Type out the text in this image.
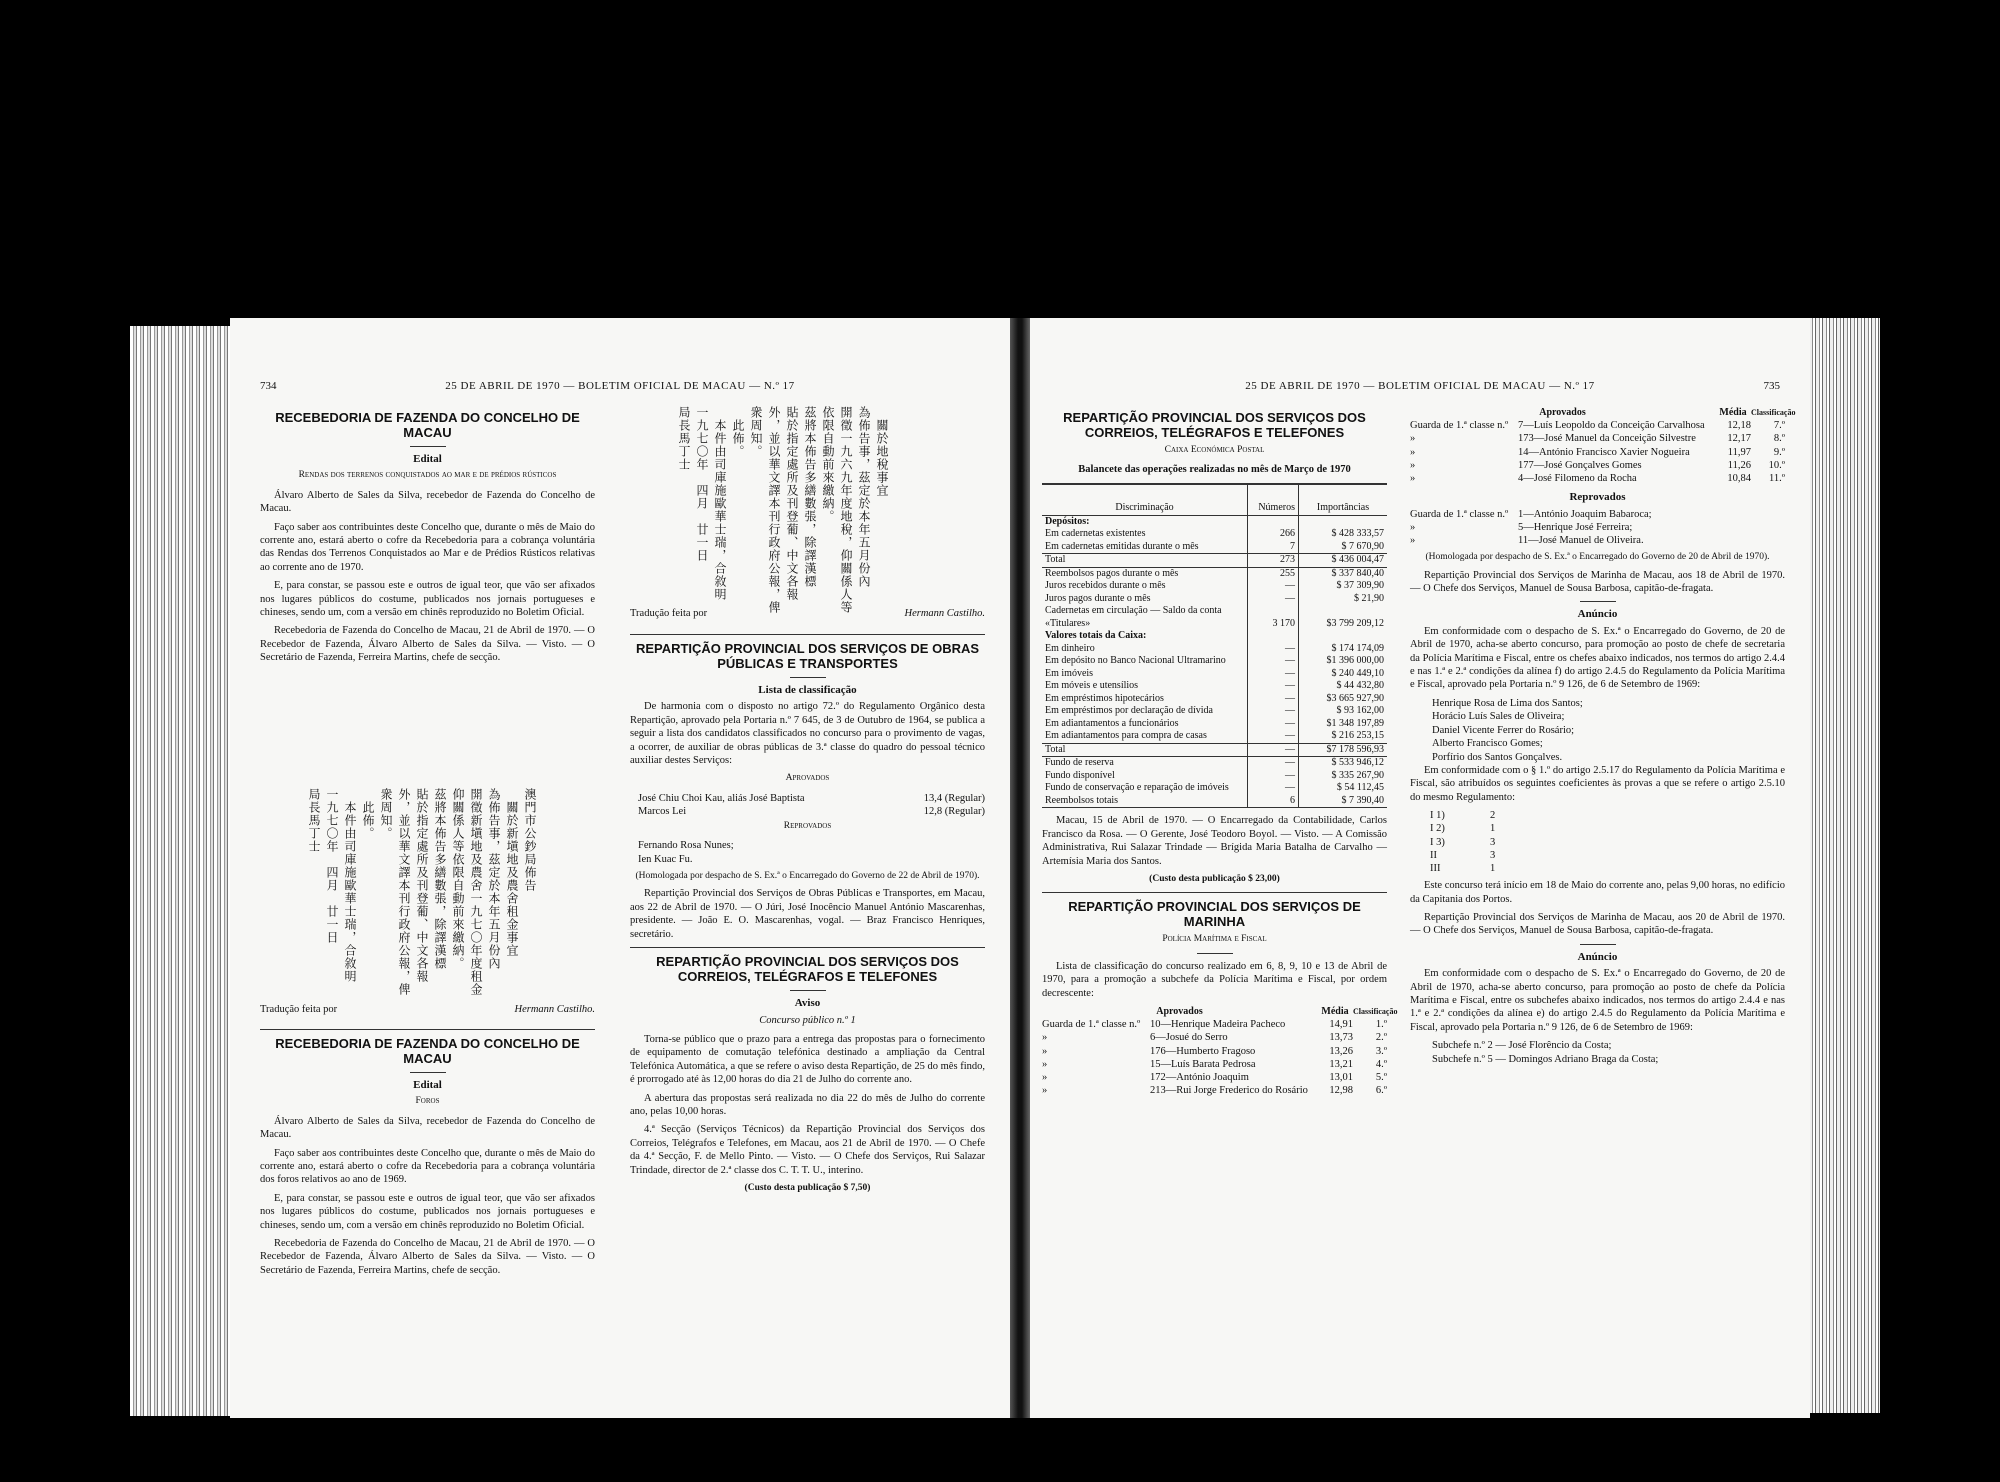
25 DE ABRIL DE 1970 — BOLETIM OFICIAL DE MACAU — N.º 17
734
RECEBEDORIA DE FAZENDA DO CONCELHO DE MACAU
Edital
Rendas dos terrenos conquistados ao mar e de prédios rústicos

Álvaro Alberto de Sales da Silva, recebedor de Fazenda do Concelho de Macau.

Faço saber aos contribuintes deste Concelho que, durante o mês de Maio do corrente ano, estará aberto o cofre da Recebedoria para a cobrança voluntária das Rendas dos Terrenos Conquistados ao Mar e de Prédios Rústicos relativas ao corrente ano de 1970.

E, para constar, se passou este e outros de igual teor, que vão ser afixados nos lugares públicos do costume, publicados nos jornais portugueses e chineses, sendo um, com a versão em chinês reproduzido no Boletim Oficial.

Recebedoria de Fazenda do Concelho de Macau, 21 de Abril de 1970. — O Recebedor de Fazenda, Álvaro Alberto de Sales da Silva. — Visto. — O Secretário de Fazenda, Ferreira Martins, chefe de secção.

澳門市公鈔局佈告
　關於新塡地及農舍租金事宜
為佈告事，茲定於本年五月份內
開徵新塡地及農舍一九七〇年度租金
仰關係人等依限自動前來繳納。
茲將本佈告多繕數張，除譯漢標
貼於指定處所及刊登葡、中文各報
外，並以華文譯本刊行政府公報，俾
衆周知。
　此佈。
　本件由司庫施歐華士瑞，合敘明
一九七〇年　四月　廿一日
局長馬丁士
Tradução feita por	Hermann Castilho.
RECEBEDORIA DE FAZENDA DO CONCELHO DE MACAU
Edital
Foros

Álvaro Alberto de Sales da Silva, recebedor de Fazenda do Concelho de Macau.

Faço saber aos contribuintes deste Concelho que, durante o mês de Maio do corrente ano, estará aberto o cofre da Recebedoria para a cobrança voluntária dos foros relativos ao ano de 1969.

E, para constar, se passou este e outros de igual teor, que vão ser afixados nos lugares públicos do costume, publicados nos jornais portugueses e chineses, sendo um, com a versão em chinês reproduzido no Boletim Oficial.

Recebedoria de Fazenda do Concelho de Macau, 21 de Abril de 1970. — O Recebedor de Fazenda, Álvaro Alberto de Sales da Silva. — Visto. — O Secretário de Fazenda, Ferreira Martins, chefe de secção.

　關於地稅事宜
為佈告事，茲定於本年五月份內
開徵一九六九年度地稅，仰關係人等
依限自動前來繳納。
茲將本佈告多繕數張，除譯漢標
貼於指定處所及刊登葡、中文各報
外，並以華文譯本刊行政府公報，俾
衆周知。
　此佈。
　本件由司庫施歐華士瑞，合敘明
一九七〇年　四月　廿一日
局長馬丁士
Tradução feita por	Hermann Castilho.
REPARTIÇÃO PROVINCIAL DOS SERVIÇOS DE OBRAS PÚBLICAS E TRANSPORTES
Lista de classificação

De harmonia com o disposto no artigo 72.º do Regulamento Orgânico desta Repartição, aprovado pela Portaria n.º 7 645, de 3 de Outubro de 1964, se publica a seguir a lista dos candidatos classificados no concurso para o provimento de vagas, a ocorrer, de auxiliar de obras públicas de 3.ª classe do quadro do pessoal técnico auxiliar destes Serviços:

Aprovados
José Chiu Choi Kau, aliás José Baptista	13,4 (Regular)
Marcos Lei	12,8 (Regular)
Reprovados
Fernando Rosa Nunes;
Ien Kuac Fu.
(Homologada por despacho de S. Ex.ª o Encarregado do Governo de 22 de Abril de 1970).

Repartição Provincial dos Serviços de Obras Públicas e Transportes, em Macau, aos 22 de Abril de 1970. — O Júri, José Inocêncio Manuel António Mascarenhas, presidente. — João E. O. Mascarenhas, vogal. — Braz Francisco Henriques, secretário.

REPARTIÇÃO PROVINCIAL DOS SERVIÇOS DOS CORREIOS, TELÉGRAFOS E TELEFONES
Aviso
Concurso público n.º 1

Torna-se público que o prazo para a entrega das propostas para o fornecimento de equipamento de comutação telefónica destinado a ampliação da Central Telefónica Automática, a que se refere o aviso desta Repartição, de 25 do mês findo, é prorrogado até às 12,00 horas do dia 21 de Julho do corrente ano.

A abertura das propostas será realizada no dia 22 do mês de Julho do corrente ano, pelas 10,00 horas.

4.ª Secção (Serviços Técnicos) da Repartição Provincial dos Serviços dos Correios, Telégrafos e Telefones, em Macau, aos 21 de Abril de 1970. — O Chefe da 4.ª Secção, F. de Mello Pinto. — Visto. — O Chefe dos Serviços, Rui Salazar Trindade, director de 2.ª classe dos C. T. T. U., interino.

(Custo desta publicação $ 7,50)
25 DE ABRIL DE 1970 — BOLETIM OFICIAL DE MACAU — N.º 17	735
REPARTIÇÃO PROVINCIAL DOS SERVIÇOS DOS CORREIOS, TELÉGRAFOS E TELEFONES
Caixa Económica Postal
Balancete das operações realizadas no mês de Março de 1970
Discriminação	Números	Importâncias
Depósitos:		
Em cadernetas existentes	266	$ 428 333,57
Em cadernetas emitidas durante o mês	7	$ 7 670,90
Total	273	$ 436 004,47
Reembolsos pagos durante o mês	255	$ 337 840,40
Juros recebidos durante o mês	—	$ 37 309,90
Juros pagos durante o mês	—	$ 21,90
Cadernetas em circulação — Saldo da conta «Titulares»	3 170	$3 799 209,12
Valores totais da Caixa:		
Em dinheiro	—	$ 174 174,09
Em depósito no Banco Nacional Ultramarino	—	$1 396 000,00
Em imóveis	—	$ 240 449,10
Em móveis e utensílios	—	$ 44 432,80
Em empréstimos hipotecários	—	$3 665 927,90
Em empréstimos por declaração de dívida	—	$ 93 162,00
Em adiantamentos a funcionários	—	$1 348 197,89
Em adiantamentos para compra de casas	—	$ 216 253,15
Total	—	$7 178 596,93
Fundo de reserva	—	$ 533 946,12
Fundo disponível	—	$ 335 267,90
Fundo de conservação e reparação de imóveis	—	$ 54 112,45
Reembolsos totais	6	$ 7 390,40

Macau, 15 de Abril de 1970. — O Encarregado da Contabilidade, Carlos Francisco da Rosa. — O Gerente, José Teodoro Boyol. — Visto. — A Comissão Administrativa, Rui Salazar Trindade — Brígida Maria Batalha de Carvalho — Artemísia Maria dos Santos.

(Custo desta publicação $ 23,00)
REPARTIÇÃO PROVINCIAL DOS SERVIÇOS DE MARINHA
Polícia Marítima e Fiscal

Lista de classificação do concurso realizado em 6, 8, 9, 10 e 13 de Abril de 1970, para a promoção a subchefe da Polícia Marítima e Fiscal, por ordem decrescente:

Aprovados	Média Classificação
Guarda de 1.ª classe n.º 10—Henrique Madeira Pacheco	14,91	1.º
»	6—Josué do Serro	13,73	2.º
»	176—Humberto Fragoso	13,26	3.º
»	15—Luís Barata Pedrosa	13,21	4.º
»	172—António Joaquim	13,01	5.º
»	213—Rui Jorge Frederico do Rosário	12,98	6.º
Aprovados	Média Classificação
Guarda de 1.ª classe n.º 7—Luís Leopoldo da Conceição Carvalhosa	12,18	7.º
»	173—José Manuel da Conceição Silvestre	12,17	8.º
»	14—António Francisco Xavier Nogueira	11,97	9.º
»	177—José Gonçalves Gomes	11,26	10.º
»	4—José Filomeno da Rocha	10,84	11.º
Reprovados
Guarda de 1.ª classe n.º 1—António Joaquim Babaroca;
»	5—Henrique José Ferreira;
»	11—José Manuel de Oliveira.
(Homologada por despacho de S. Ex.ª o Encarregado do Governo de 20 de Abril de 1970).

Repartição Provincial dos Serviços de Marinha de Macau, aos 18 de Abril de 1970. — O Chefe dos Serviços, Manuel de Sousa Barbosa, capitão-de-fragata.

Anúncio

Em conformidade com o despacho de S. Ex.ª o Encarregado do Governo, de 20 de Abril de 1970, acha-se aberto concurso, para promoção ao posto de chefe de secretaria da Polícia Marítima e Fiscal, entre os chefes abaixo indicados, nos termos do artigo 2.4.4 e nas 1.ª e 2.ª condições da alínea f) do artigo 2.4.5 do Regulamento da Polícia Marítima e Fiscal, aprovado pela Portaria n.º 9 126, de 6 de Setembro de 1969:

Henrique Rosa de Lima dos Santos;
Horácio Luís Sales de Oliveira;
Daniel Vicente Ferrer do Rosário;
Alberto Francisco Gomes;
Porfírio dos Santos Gonçalves.

Em conformidade com o § 1.º do artigo 2.5.17 do Regulamento da Polícia Marítima e Fiscal, são atribuídos os seguintes coeficientes às provas a que se refere o artigo 2.5.10 do mesmo Regulamento:

I 1)	2
I 2)	1
I 3)	3
II	3
III	1

Este concurso terá início em 18 de Maio do corrente ano, pelas 9,00 horas, no edifício da Capitania dos Portos.

Repartição Provincial dos Serviços de Marinha de Macau, aos 20 de Abril de 1970. — O Chefe dos Serviços, Manuel de Sousa Barbosa, capitão-de-fragata.

Anúncio

Em conformidade com o despacho de S. Ex.ª o Encarregado do Governo, de 20 de Abril de 1970, acha-se aberto concurso, para promoção ao posto de chefe da Polícia Marítima e Fiscal, entre os subchefes abaixo indicados, nos termos do artigo 2.4.4 e nas 1.ª e 2.ª condições da alínea e) do artigo 2.4.5 do Regulamento da Polícia Marítima e Fiscal, aprovado pela Portaria n.º 9 126, de 6 de Setembro de 1969:

Subchefe n.º 2 — José Florêncio da Costa;
Subchefe n.º 5 — Domingos Adriano Braga da Costa;
